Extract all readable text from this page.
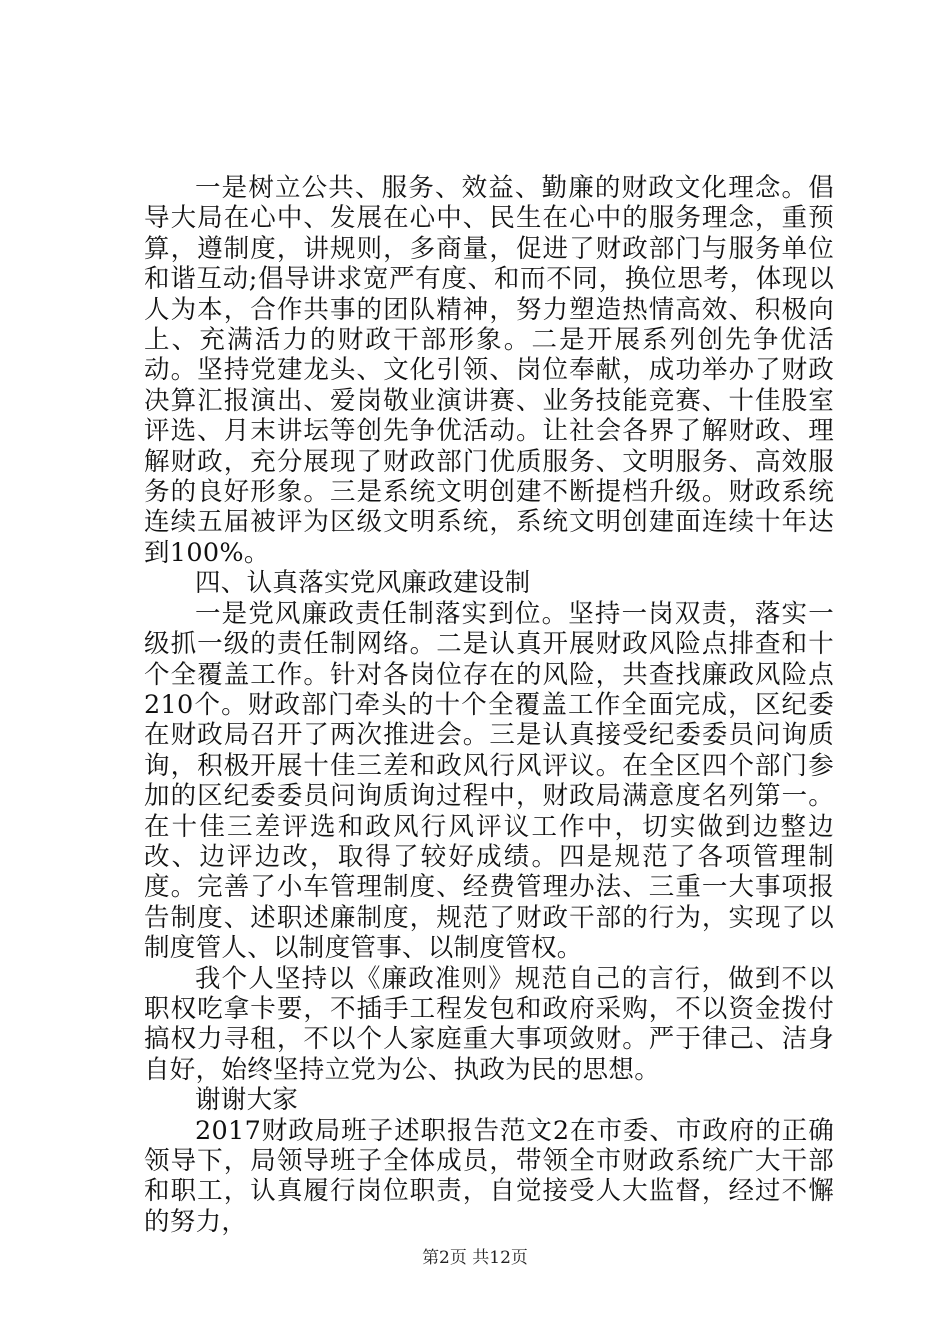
一是树立公共、服务、效益、勤廉的财政文化理念。倡导大局在心中、发展在心中、民生在心中的服务理念，重预算，遵制度，讲规则，多商量，促进了财政部门与服务单位和谐互动;倡导讲求宽严有度、和而不同，换位思考，体现以人为本，合作共事的团队精神，努力塑造热情高效、积极向上、充满活力的财政干部形象。二是开展系列创先争优活动。坚持党建龙头、文化引领、岗位奉献，成功举办了财政决算汇报演出、爱岗敬业演讲赛、业务技能竞赛、十佳股室评选、月末讲坛等创先争优活动。让社会各界了解财政、理解财政，充分展现了财政部门优质服务、文明服务、高效服务的良好形象。三是系统文明创建不断提档升级。财政系统连续五届被评为区级文明系统，系统文明创建面连续十年达到100%。

四、认真落实党风廉政建设制

一是党风廉政责任制落实到位。坚持一岗双责，落实一级抓一级的责任制网络。二是认真开展财政风险点排查和十个全覆盖工作。针对各岗位存在的风险，共查找廉政风险点210个。财政部门牵头的十个全覆盖工作全面完成，区纪委在财政局召开了两次推进会。三是认真接受纪委委员问询质询，积极开展十佳三差和政风行风评议。在全区四个部门参加的区纪委委员问询质询过程中，财政局满意度名列第一。在十佳三差评选和政风行风评议工作中，切实做到边整边改、边评边改，取得了较好成绩。四是规范了各项管理制度。完善了小车管理制度、经费管理办法、三重一大事项报告制度、述职述廉制度，规范了财政干部的行为，实现了以制度管人、以制度管事、以制度管权。

我个人坚持以《廉政准则》规范自己的言行，做到不以职权吃拿卡要，不插手工程发包和政府采购，不以资金拨付搞权力寻租，不以个人家庭重大事项敛财。严于律己、洁身自好，始终坚持立党为公、执政为民的思想。

谢谢大家

2017财政局班子述职报告范文2在市委、市政府的正确领导下，局领导班子全体成员，带领全市财政系统广大干部和职工，认真履行岗位职责，自觉接受人大监督，经过不懈的努力，

第2页 共12页
